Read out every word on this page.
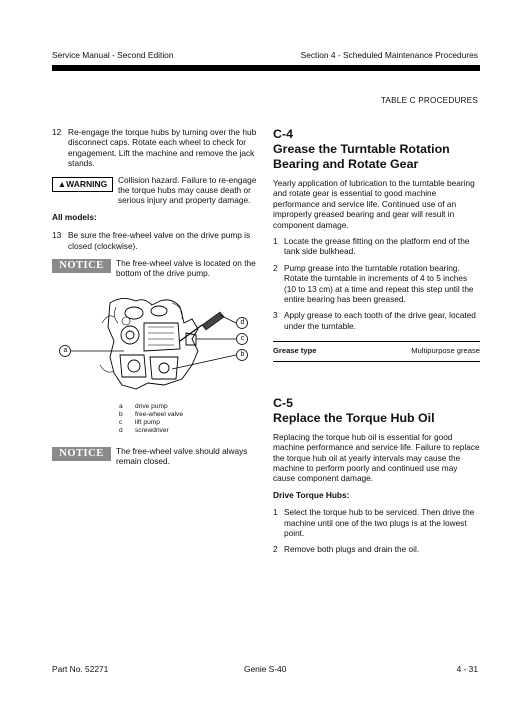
Service Manual - Second Edition	Section 4 - Scheduled Maintenance Procedures
TABLE C PROCEDURES
12 Re-engage the torque hubs by turning over the hub disconnect caps. Rotate each wheel to check for engagement. Lift the machine and remove the jack stands.
▲WARNING	Collision hazard. Failure to re-engage the torque hubs may cause death or serious injury and property damage.

All models:

13 Be sure the free-wheel valve on the drive pump is closed (clockwise).
NOTICE	The free-wheel valve is located on the bottom of the drive pump.

a
d
c
b
a	drive pump
b	free-wheel valve
c	lift pump
d	screwdriver
NOTICE	The free-wheel valve should always remain closed.

C-4
Grease the Turntable Rotation Bearing and Rotate Gear

Yearly application of lubrication to the turntable bearing and rotate gear is essential to good machine performance and service life. Continued use of an improperly greased bearing and gear will result in component damage.

1 Locate the grease fitting on the platform end of the tank side bulkhead.
2 Pump grease into the turntable rotation bearing. Rotate the turntable in increments of 4 to 5 inches (10 to 13 cm) at a time and repeat this step until the entire bearing has been greased.
3 Apply grease to each tooth of the drive gear, located under the turntable.
Grease type	Multipurpose grease
C-5
Replace the Torque Hub Oil

Replacing the torque hub oil is essential for good machine performance and service life. Failure to replace the torque hub oil at yearly intervals may cause the machine to perform poorly and continued use may cause component damage.

Drive Torque Hubs:

1 Select the torque hub to be serviced. Then drive the machine until one of the two plugs is at the lowest point.
2 Remove both plugs and drain the oil.
Part No. 52271	Genie S-40	4 - 31
